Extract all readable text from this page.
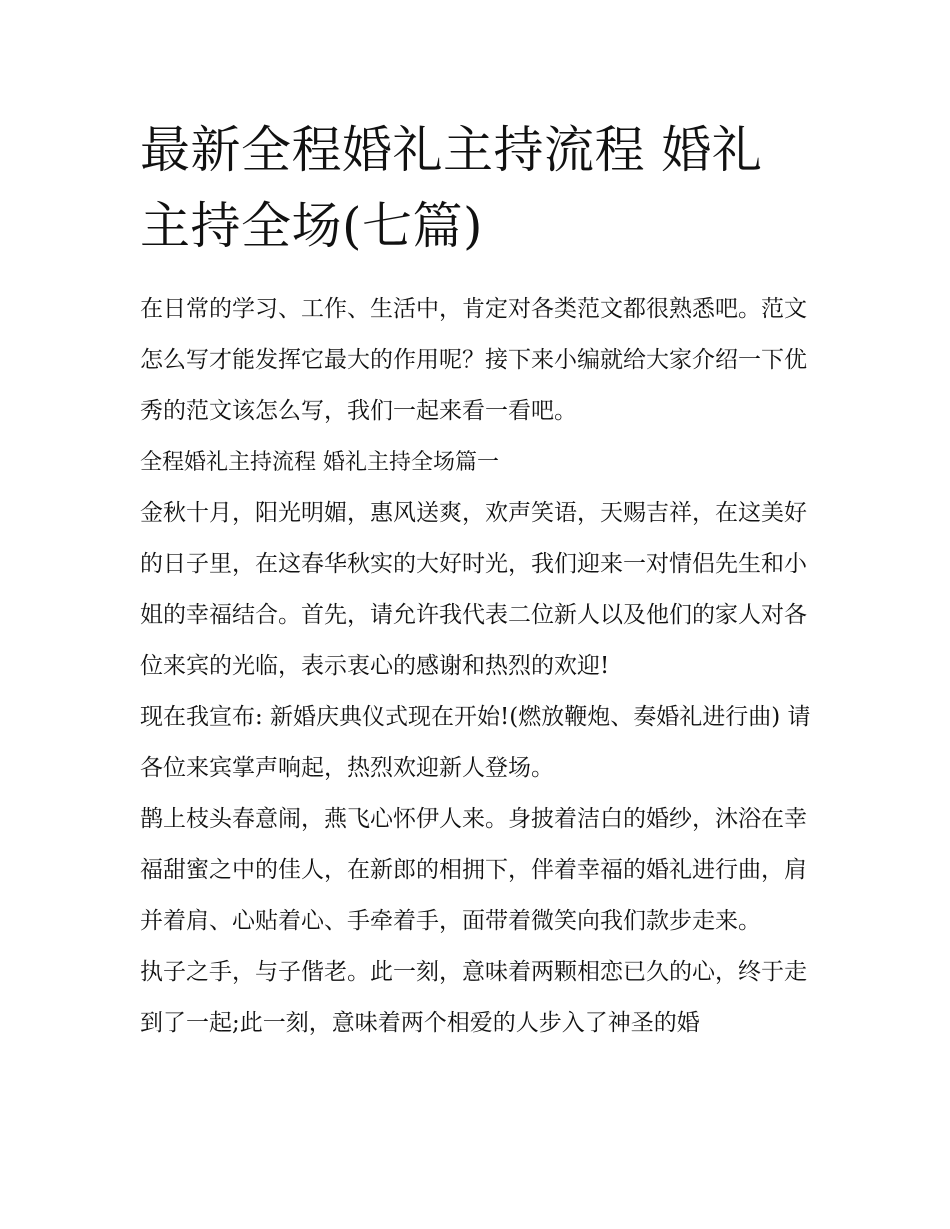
最新全程婚礼主持流程 婚礼主持全场(七篇)

在日常的学习、工作、生活中，肯定对各类范文都很熟悉吧。范文怎么写才能发挥它最大的作用呢？接下来小编就给大家介绍一下优秀的范文该怎么写，我们一起来看一看吧。

全程婚礼主持流程 婚礼主持全场篇一

金秋十月，阳光明媚，惠风送爽，欢声笑语，天赐吉祥，在这美好的日子里，在这春华秋实的大好时光，我们迎来一对情侣先生和小姐的幸福结合。首先，请允许我代表二位新人以及他们的家人对各位来宾的光临，表示衷心的感谢和热烈的欢迎!

现在我宣布: 新婚庆典仪式现在开始!(燃放鞭炮、奏婚礼进行曲) 请各位来宾掌声响起，热烈欢迎新人登场。

鹊上枝头春意闹，燕飞心怀伊人来。身披着洁白的婚纱，沐浴在幸福甜蜜之中的佳人，在新郎的相拥下，伴着幸福的婚礼进行曲，肩并着肩、心贴着心、手牵着手，面带着微笑向我们款步走来。

执子之手，与子偕老。此一刻，意味着两颗相恋已久的心，终于走到了一起;此一刻，意味着两个相爱的人步入了神圣的婚
